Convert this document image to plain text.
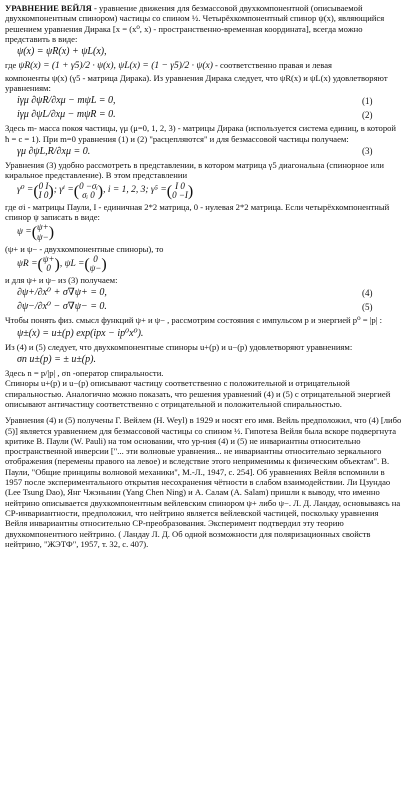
УРАВНЕНИЕ ВЕЙЛЯ - уравнение движения для безмассовой двухкомпонентной (описываемой двухкомпонентным спинором) частицы со спином ½. Четырёхкомпонентный спинор ψ(x), являющийся решением уравнения Дирака [x = (x⁰, x) - пространственно-временная координата], всегда можно представить в виде:

ψ(x) = ψR(x) + ψL(x),

где ψR(x) = (1 + γ5)/2 · ψ(x), ψL(x) = (1 − γ5)/2 · ψ(x) - соответственно правая и левая

компоненты ψ(x) (γ5 - матрица Дирака). Из уравнения Дирака следует, что ψR(x) и ψL(x) удовлетворяют уравнениям:

iγμ ∂ψR/∂xμ − mψL = 0,	(1)
iγμ ∂ψL/∂xμ − mψR = 0.	(2)

Здесь m- масса покоя частицы, γμ (μ=0, 1, 2, 3) - матрицы Дирака (используется система единиц, в которой ħ = c = 1). При m=0 уравнения (1) и (2) "расцепляются" и для безмассовой частицы получаем:

γμ ∂ψL,R/∂xμ = 0.	(3)

Уравнения (3) удобно рассмотреть в представлении, в котором матрица γ5 диагональна (спинорное или киральное представление). В этом представлении

γ⁰ = ( 0 I
I 0 ) ; γⁱ = ( 0 −σᵢ
σᵢ 0 ) , i = 1, 2, 3;
γ⁵ = ( I 0
0 −I )

где σi - матрицы Паули, I - единичная 2*2 матрица, 0 - нулевая 2*2 матрица. Если четырёхкомпонентный спинор ψ записать в виде:

ψ = ( ψ+
ψ− )

(ψ+ и ψ− - двухкомпонентные спиноры), то

ψR = ( ψ+
0 ) , ψL = ( 0
ψ− )

и для ψ+ и ψ− из (3) получаем:

∂ψ+/∂x⁰ + σ∇ψ+ = 0,	(4)
∂ψ−/∂x⁰ − σ∇ψ− = 0.	(5)

Чтобы понять физ. смысл функций ψ+ и ψ− , рассмотрим состояния с импульсом p и энергией p⁰ = |p| :

ψ±(x) = u±(p) exp(ipx − ip⁰x⁰).

Из (4) и (5) следует, что двухкомпонентные спиноры u+(p) и u−(p) удовлетворяют уравнениям:

σn u±(p) = ± u±(p).

Здесь n = p/|p| , σn -оператор спиральности.

Спиноры u+(p) и u−(p) описывают частицу соответственно с положительной и отрицательной спиральностью. Аналогично можно показать, что решения уравнений (4) и (5) с отрицательной энергией описывают античастицу соответственно с отрицательной и положительной спиральностью.

Уравнения (4) и (5) получены Г. Вейлем (H. Weyl) в 1929 и носят его имя. Вейль предположил, что (4) [либо (5)] является уравнением для безмассовой частицы со спином ½. Гипотеза Вейля была вскоре подвергнута критике В. Паули (W. Pauli) на том основании, что ур-ния (4) и (5) не инвариантны относительно пространственной инверсии ["... эти волновые уравнения... не инвариантны относительно зеркального отображения (перемены правого на левое) и вследствие этого неприменимы к физическим объектам". В. Паули, "Общие принципы волновой механики", М.-Л., 1947, с. 254]. Об уравнениях Вейля вспомнили в 1957 после экспериментального открытия несохранения чётности в слабом взаимодействии. Ли Цзундао (Lee Tsung Dao), Янг Чжэньнин (Yang Chen Ning) и А. Салам (A. Salam) пришли к выводу, что именно нейтрино описывается двухкомпонентным вейлевским спинором ψ+ либо ψ−. Л. Д. Ландау, основываясь на CP-инвариантности, предположил, что нейтрино является вейлевской частицей, поскольку уравнения Вейля инвариантны относительно CP-преобразования. Эксперимент подтвердил эту теорию двухкомпонентного нейтрино. ( Ландау Л. Д. Об одной возможности для поляризационных свойств нейтрино, "ЖЭТФ", 1957, т. 32, с. 407).
